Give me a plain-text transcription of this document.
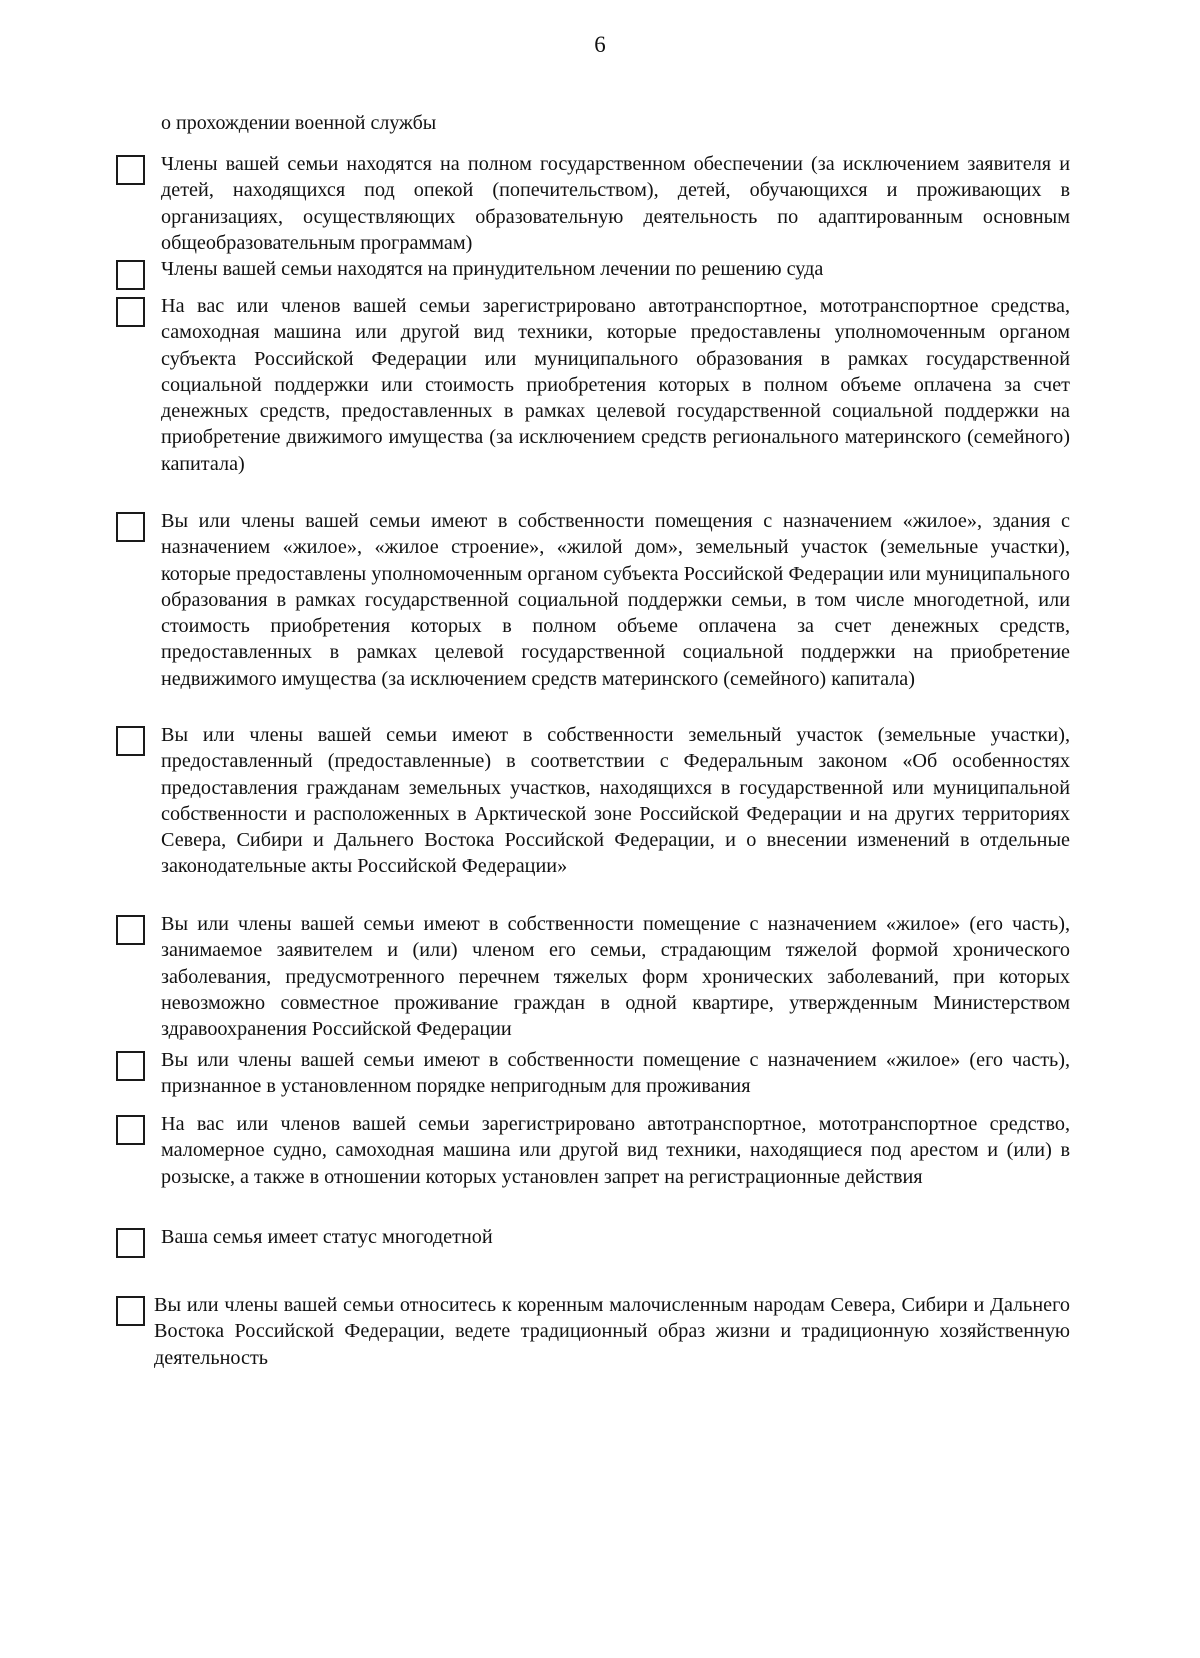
6
о прохождении военной службы
Члены вашей семьи находятся на полном государственном обеспечении (за исключением заявителя и детей, находящихся под опекой (попечительством), детей, обучающихся и проживающих в организациях, осуществляющих образовательную деятельность по адаптированным основным общеобразовательным программам)
Члены вашей семьи находятся на принудительном лечении по решению суда
На вас или членов вашей семьи зарегистрировано автотранспортное, мототранспортное средства, самоходная машина или другой вид техники, которые предоставлены уполномоченным органом субъекта Российской Федерации или муниципального образования в рамках государственной социальной поддержки или стоимость приобретения которых в полном объеме оплачена за счет денежных средств, предоставленных в рамках целевой государственной социальной поддержки на приобретение движимого имущества (за исключением средств регионального материнского (семейного) капитала)
Вы или члены вашей семьи имеют в собственности помещения с назначением «жилое», здания с назначением «жилое», «жилое строение», «жилой дом», земельный участок (земельные участки), которые предоставлены уполномоченным органом субъекта Российской Федерации или муниципального образования в рамках государственной социальной поддержки семьи, в том числе многодетной, или стоимость приобретения которых в полном объеме оплачена за счет денежных средств, предоставленных в рамках целевой государственной социальной поддержки на приобретение недвижимого имущества (за исключением средств материнского (семейного) капитала)
Вы или члены вашей семьи имеют в собственности земельный участок (земельные участки), предоставленный (предоставленные) в соответствии с Федеральным законом «Об особенностях предоставления гражданам земельных участков, находящихся в государственной или муниципальной собственности и расположенных в Арктической зоне Российской Федерации и на других территориях Севера, Сибири и Дальнего Востока Российской Федерации, и о внесении изменений в отдельные законодательные акты Российской Федерации»
Вы или члены вашей семьи имеют в собственности помещение с назначением «жилое» (его часть), занимаемое заявителем и (или) членом его семьи, страдающим тяжелой формой хронического заболевания, предусмотренного перечнем тяжелых форм хронических заболеваний, при которых невозможно совместное проживание граждан в одной квартире, утвержденным Министерством здравоохранения Российской Федерации
Вы или члены вашей семьи имеют в собственности помещение с назначением «жилое» (его часть), признанное в установленном порядке непригодным для проживания
На вас или членов вашей семьи зарегистрировано автотранспортное, мототранспортное средство, маломерное судно, самоходная машина или другой вид техники, находящиеся под арестом и (или) в розыске, а также в отношении которых установлен запрет на регистрационные действия
Ваша семья имеет статус многодетной
Вы или члены вашей семьи относитесь к коренным малочисленным народам Севера, Сибири и Дальнего Востока Российской Федерации, ведете традиционный образ жизни и традиционную хозяйственную деятельность
